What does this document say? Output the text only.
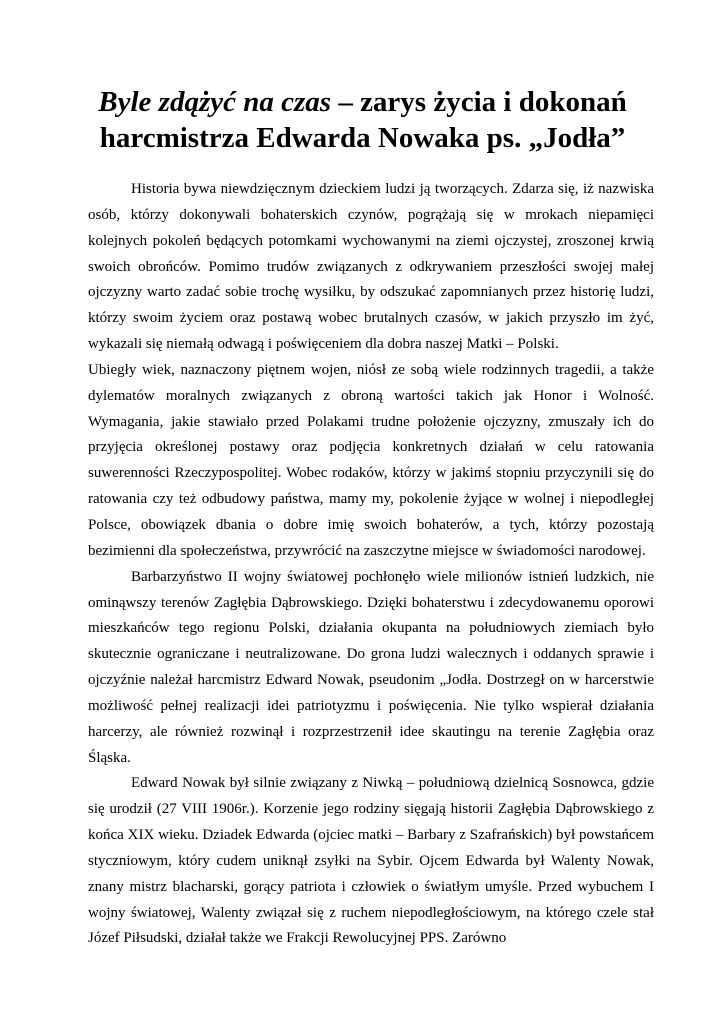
Byle zdążyć na czas – zarys życia i dokonań harcmistrza Edwarda Nowaka ps. „Jodła”

Historia bywa niewdzięcznym dzieckiem ludzi ją tworzących. Zdarza się, iż nazwiska osób, którzy dokonywali bohaterskich czynów, pogrążają się w mrokach niepamięci kolejnych pokoleń będących potomkami wychowanymi na ziemi ojczystej, zroszonej krwią swoich obrońców. Pomimo trudów związanych z odkrywaniem przeszłości swojej małej ojczyzny warto zadać sobie trochę wysiłku, by odszukać zapomnianych przez historię ludzi, którzy swoim życiem oraz postawą wobec brutalnych czasów, w jakich przyszło im żyć, wykazali się niemałą odwagą i poświęceniem dla dobra naszej Matki – Polski.

Ubiegły wiek, naznaczony piętnem wojen, niósł ze sobą wiele rodzinnych tragedii, a także dylematów moralnych związanych z obroną wartości takich jak Honor i Wolność. Wymagania, jakie stawiało przed Polakami trudne położenie ojczyzny, zmuszały ich do przyjęcia określonej postawy oraz podjęcia konkretnych działań w celu ratowania suwerenności Rzeczypospolitej. Wobec rodaków, którzy w jakimś stopniu przyczynili się do ratowania czy też odbudowy państwa, mamy my, pokolenie żyjące w wolnej i niepodległej Polsce, obowiązek dbania o dobre imię swoich bohaterów, a tych, którzy pozostają bezimienni dla społeczeństwa, przywrócić na zaszczytne miejsce w świadomości narodowej.

Barbarzyństwo II wojny światowej pochłonęło wiele milionów istnień ludzkich, nie ominąwszy terenów Zagłębia Dąbrowskiego. Dzięki bohaterstwu i zdecydowanemu oporowi mieszkańców tego regionu Polski, działania okupanta na południowych ziemiach było skutecznie ograniczane i neutralizowane. Do grona ludzi walecznych i oddanych sprawie i ojczyźnie należał harcmistrz Edward Nowak, pseudonim „Jodła. Dostrzegł on w harcerstwie możliwość pełnej realizacji idei patriotyzmu i poświęcenia. Nie tylko wspierał działania harcerzy, ale również rozwinął i rozprzestrzenił idee skautingu na terenie Zagłębia oraz Śląska.

Edward Nowak był silnie związany z Niwką – południową dzielnicą Sosnowca, gdzie się urodził (27 VIII 1906r.). Korzenie jego rodziny sięgają historii Zagłębia Dąbrowskiego z końca XIX wieku. Dziadek Edwarda (ojciec matki – Barbary z Szafrańskich) był powstańcem styczniowym, który cudem uniknął zsyłki na Sybir. Ojcem Edwarda był Walenty Nowak, znany mistrz blacharski, gorący patriota i człowiek o światłym umyśle. Przed wybuchem I wojny światowej, Walenty związał się z ruchem niepodległościowym, na którego czele stał Józef Piłsudski, działał także we Frakcji Rewolucyjnej PPS. Zarówno
